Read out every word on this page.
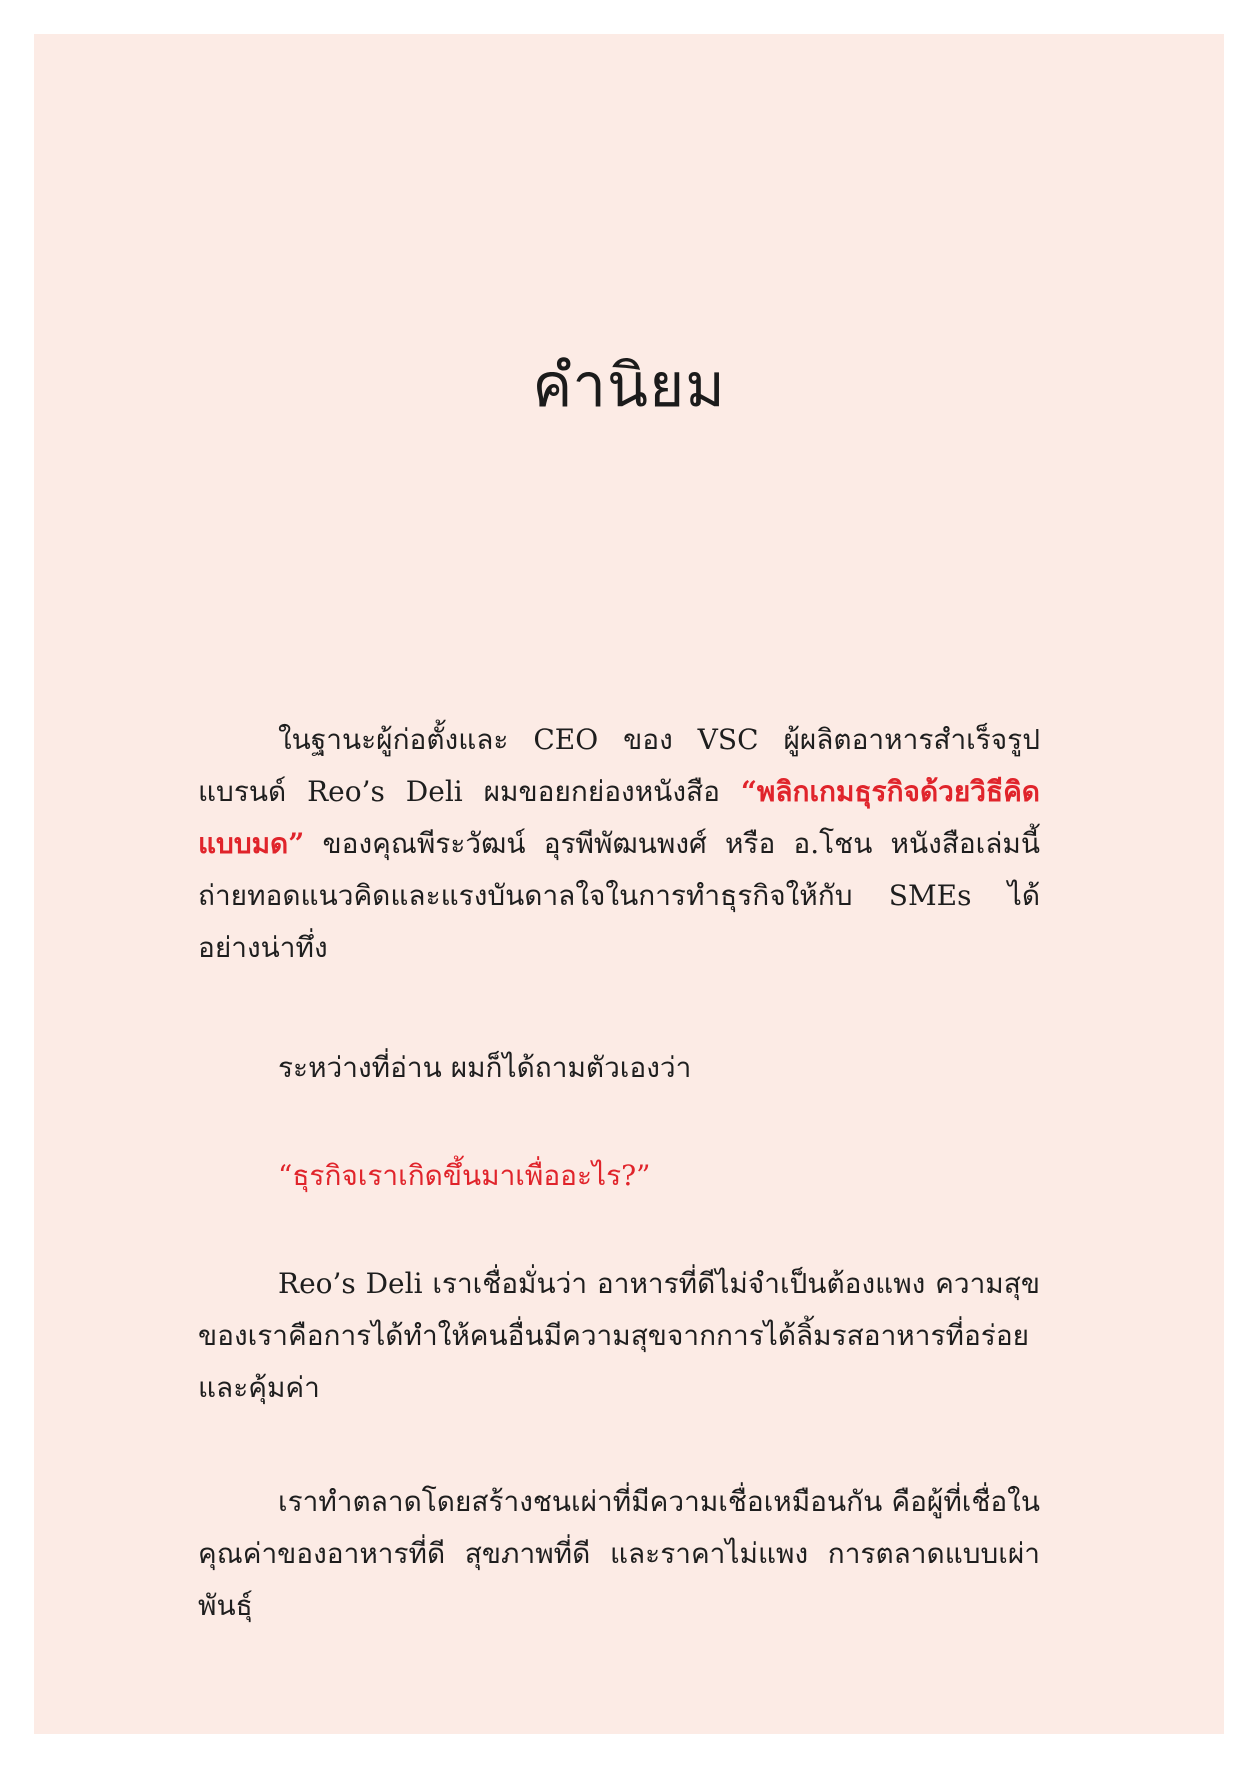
คำนิยม

ในฐานะผู้ก่อตั้งและ CEO ของ VSC ผู้ผลิตอาหารสำเร็จรูปแบรนด์ Reo’s Deli ผมขอยกย่องหนังสือ “พลิกเกมธุรกิจด้วยวิธีคิดแบบมด” ของคุณพีระวัฒน์ อุรพีพัฒนพงศ์ หรือ อ.โชน หนังสือเล่มนี้ถ่ายทอดแนวคิดและแรงบันดาลใจในการทำธุรกิจให้กับ SMEs ได้อย่างน่าทึ่ง

ระหว่างที่อ่าน ผมก็ได้ถามตัวเองว่า

“ธุรกิจเราเกิดขึ้นมาเพื่ออะไร?”

Reo’s Deli เราเชื่อมั่นว่า อาหารที่ดีไม่จำเป็นต้องแพง ความสุขของเราคือการได้ทำให้คนอื่นมีความสุขจากการได้ลิ้มรสอาหารที่อร่อยและคุ้มค่า

เราทำตลาดโดยสร้างชนเผ่าที่มีความเชื่อเหมือนกัน คือผู้ที่เชื่อในคุณค่าของอาหารที่ดี สุขภาพที่ดี และราคาไม่แพง การตลาดแบบเผ่าพันธุ์
